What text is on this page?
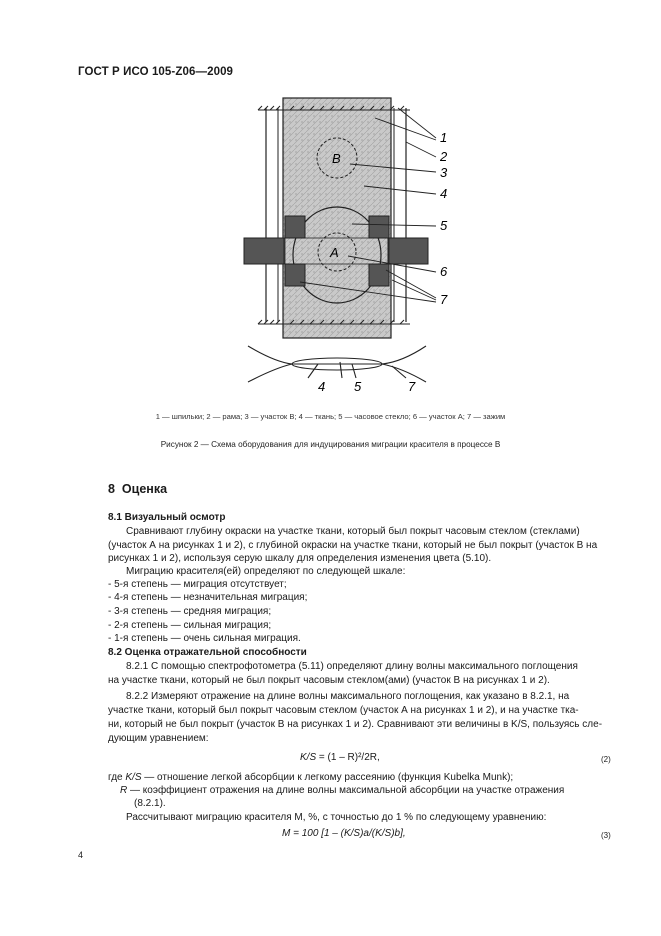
ГОСТ Р ИСО 105-Z06—2009
В
А
1
2
3
4
5
6
7
4 5	7
1 — шпильки; 2 — рама; 3 — участок В; 4 — ткань; 5 — часовое стекло; 6 — участок А; 7 — зажим
Рисунок 2 — Схема оборудования для индуцирования миграции красителя в процессе В
8 Оценка
8.1 Визуальный осмотр
Сравнивают глубину окраски на участке ткани, который был покрыт часовым стеклом (стеклами)
(участок А на рисунках 1 и 2), с глубиной окраски на участке ткани, который не был покрыт (участок В на
рисунках 1 и 2), используя серую шкалу для определения изменения цвета (5.10).
Миграцию красителя(ей) определяют по следующей шкале:
- 5-я степень — миграция отсутствует;
- 4-я степень — незначительная миграция;
- 3-я степень — средняя миграция;
- 2-я степень — сильная миграция;
- 1-я степень — очень сильная миграция.
8.2 Оценка отражательной способности
8.2.1 С помощью спектрофотометра (5.11) определяют длину волны максимального поглощения
на участке ткани, который не был покрыт часовым стеклом(ами) (участок В на рисунках 1 и 2).
8.2.2 Измеряют отражение на длине волны максимального поглощения, как указано в 8.2.1, на
участке ткани, который был покрыт часовым стеклом (участок А на рисунках 1 и 2), и на участке тка-
ни, который не был покрыт (участок В на рисунках 1 и 2). Сравнивают эти величины в K/S, пользуясь сле-
дующим уравнением:
K/S = (1 – R)²/2R,	(2)
где K/S — отношение легкой абсорбции к легкому рассеянию (функция Kubelka Munk);
R — коэффициент отражения на длине волны максимальной абсорбции на участке отражения
(8.2.1).
Рассчитывают миграцию красителя M, %, с точностью до 1 % по следующему уравнению:
M = 100 [1 – (K/S)a/(K/S)b],	(3)
4
